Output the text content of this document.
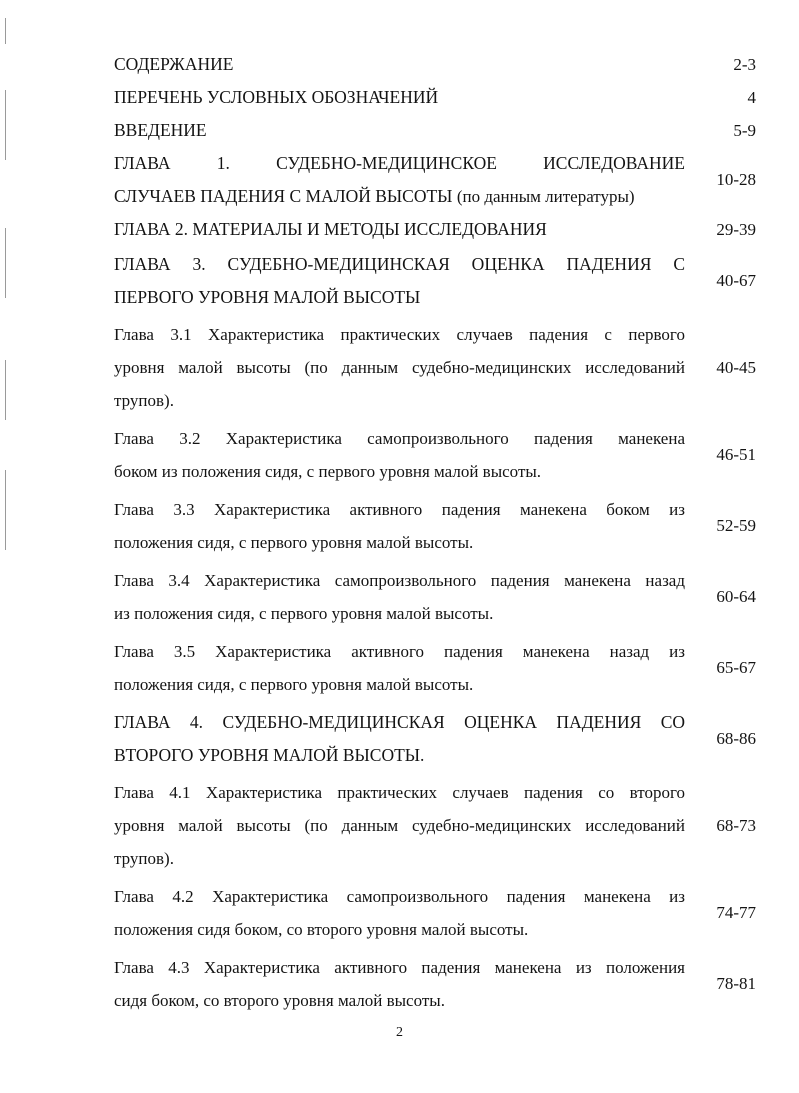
СОДЕРЖАНИЕ	2-3
ПЕРЕЧЕНЬ УСЛОВНЫХ ОБОЗНАЧЕНИЙ	4
ВВЕДЕНИЕ	5-9
ГЛАВА 1. СУДЕБНО-МЕДИЦИНСКОЕ ИССЛЕДОВАНИЕ
СЛУЧАЕВ ПАДЕНИЯ С МАЛОЙ ВЫСОТЫ (по данным литературы)
10-28
ГЛАВА 2. МАТЕРИАЛЫ И МЕТОДЫ ИССЛЕДОВАНИЯ	29-39
ГЛАВА 3. СУДЕБНО-МЕДИЦИНСКАЯ ОЦЕНКА ПАДЕНИЯ С
ПЕРВОГО УРОВНЯ МАЛОЙ ВЫСОТЫ
40-67
Глава 3.1 Характеристика практических случаев падения с первого
уровня малой высоты (по данным судебно-медицинских исследований
трупов).
40-45
Глава 3.2 Характеристика самопроизвольного падения манекена
боком из положения сидя, с первого уровня малой высоты.
46-51
Глава 3.3 Характеристика активного падения манекена боком из
положения сидя, с первого уровня малой высоты.
52-59
Глава 3.4 Характеристика самопроизвольного падения манекена назад
из положения сидя, с первого уровня малой высоты.
60-64
Глава 3.5 Характеристика активного падения манекена назад из
положения сидя, с первого уровня малой высоты.
65-67
ГЛАВА 4. СУДЕБНО-МЕДИЦИНСКАЯ ОЦЕНКА ПАДЕНИЯ СО
ВТОРОГО УРОВНЯ МАЛОЙ ВЫСОТЫ.
68-86
Глава 4.1 Характеристика практических случаев падения со второго
уровня малой высоты (по данным судебно-медицинских исследований
трупов).
68-73
Глава 4.2 Характеристика самопроизвольного падения манекена из
положения сидя боком, со второго уровня малой высоты.
74-77
Глава 4.3 Характеристика активного падения манекена из положения
сидя боком, со второго уровня малой высоты.
78-81
2
